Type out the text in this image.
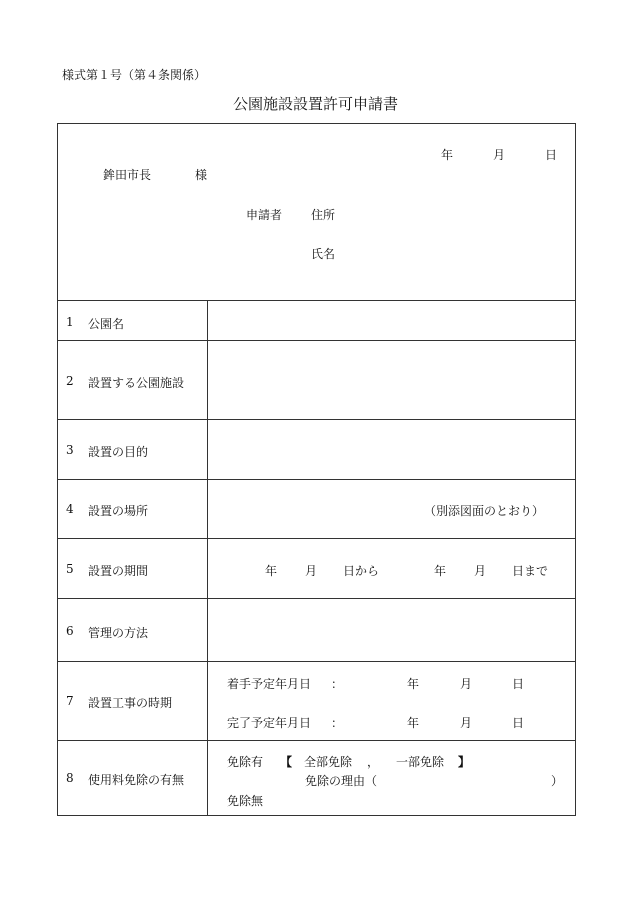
様式第１号（第４条関係）
公園施設設置許可申請書
年	月	日
鉾田市長	様
申請者 住所
氏名
1 公園名
2 設置する公園施設
3 設置の目的
4 設置の場所	（別添図面のとおり）
5 設置の期間	年 月 日から	年 月 日まで
6 管理の方法
7 設置工事の時期
着手予定年月日 ：	年	月	日
完了予定年月日 ：	年	月	日
8 使用料免除の有無
免除有 【 全部免除 ， 一部免除 】
免除の理由（	）
免除無
